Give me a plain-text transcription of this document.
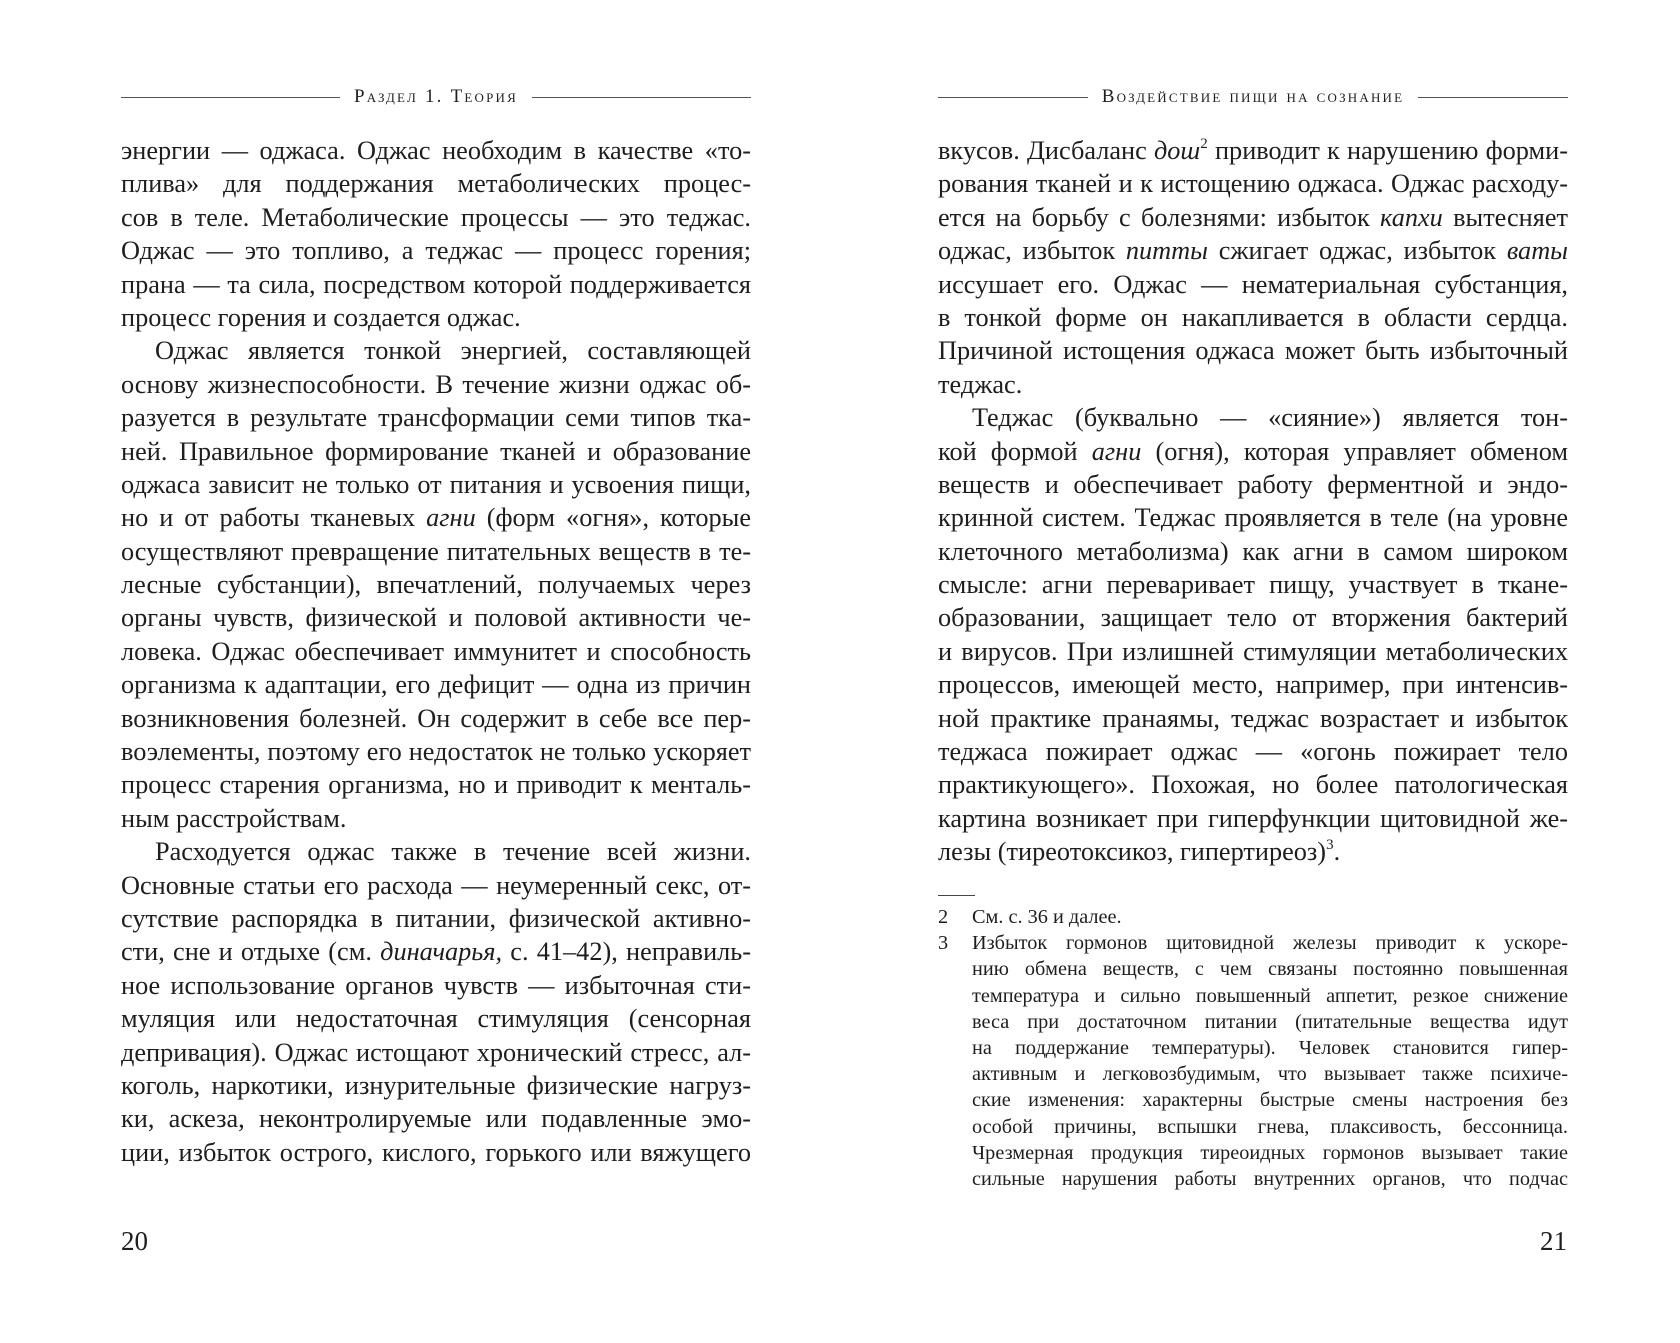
Раздел 1. Теория
энергии — оджаса. Оджас необходим в качестве «то-
плива» для поддержания метаболических процес-
сов в теле. Метаболические процессы — это теджас.
Оджас — это топливо, а теджас — процесс горения;
прана — та сила, посредством которой поддерживается
процесс горения и создается оджас.
Оджас является тонкой энергией, составляющей
основу жизнеспособности. В течение жизни оджас об-
разуется в результате трансформации семи типов тка-
ней. Правильное формирование тканей и образование
оджаса зависит не только от питания и усвоения пищи,
но и от работы тканевых агни (форм «огня», которые
осуществляют превращение питательных веществ в те-
лесные субстанции), впечатлений, получаемых через
органы чувств, физической и половой активности че-
ловека. Оджас обеспечивает иммунитет и способность
организма к адаптации, его дефицит — одна из причин
возникновения болезней. Он содержит в себе все пер-
воэлементы, поэтому его недостаток не только ускоряет
процесс старения организма, но и приводит к менталь-
ным расстройствам.
Расходуется оджас также в течение всей жизни.
Основные статьи его расхода — неумеренный секс, от-
сутствие распорядка в питании, физической активно-
сти, сне и отдыхе (см. диначарья, с. 41–42), неправиль-
ное использование органов чувств — избыточная сти-
муляция или недостаточная стимуляция (сенсорная
депривация). Оджас истощают хронический стресс, ал-
коголь, наркотики, изнурительные физические нагруз-
ки, аскеза, неконтролируемые или подавленные эмо-
ции, избыток острого, кислого, горького или вяжущего
20
Воздействие пищи на сознание
вкусов. Дисбаланс дош$^2$ приводит к нарушению форми-
рования тканей и к истощению оджаса. Оджас расходу-
ется на борьбу с болезнями: избыток капхи вытесняет
оджас, избыток питты сжигает оджас, избыток ваты
иссушает его. Оджас — нематериальная субстанция,
в тонкой форме он накапливается в области сердца.
Причиной истощения оджаса может быть избыточный
теджас.
Теджас (буквально — «сияние») является тон-
кой формой агни (огня), которая управляет обменом
веществ и обеспечивает работу ферментной и эндо-
кринной систем. Теджас проявляется в теле (на уровне
клеточного метаболизма) как агни в самом широком
смысле: агни переваривает пищу, участвует в ткане-
образовании, защищает тело от вторжения бактерий
и вирусов. При излишней стимуляции метаболических
процессов, имеющей место, например, при интенсив-
ной практике пранаямы, теджас возрастает и избыток
теджаса пожирает оджас — «огонь пожирает тело
практикующего». Похожая, но более патологическая
картина возникает при гиперфункции щитовидной же-
лезы (тиреотоксикоз, гипертиреоз)$^3$.
2	См. с. 36 и далее.
3	Избыток гормонов щитовидной железы приводит к ускоре-
нию обмена веществ, с чем связаны постоянно повышенная
температура и сильно повышенный аппетит, резкое снижение
веса при достаточном питании (питательные вещества идут
на поддержание температуры). Человек становится гипер-
активным и легковозбудимым, что вызывает также психиче-
ские изменения: характерны быстрые смены настроения без
особой причины, вспышки гнева, плаксивость, бессонница.
Чрезмерная продукция тиреоидных гормонов вызывает такие
сильные нарушения работы внутренних органов, что подчас
21
